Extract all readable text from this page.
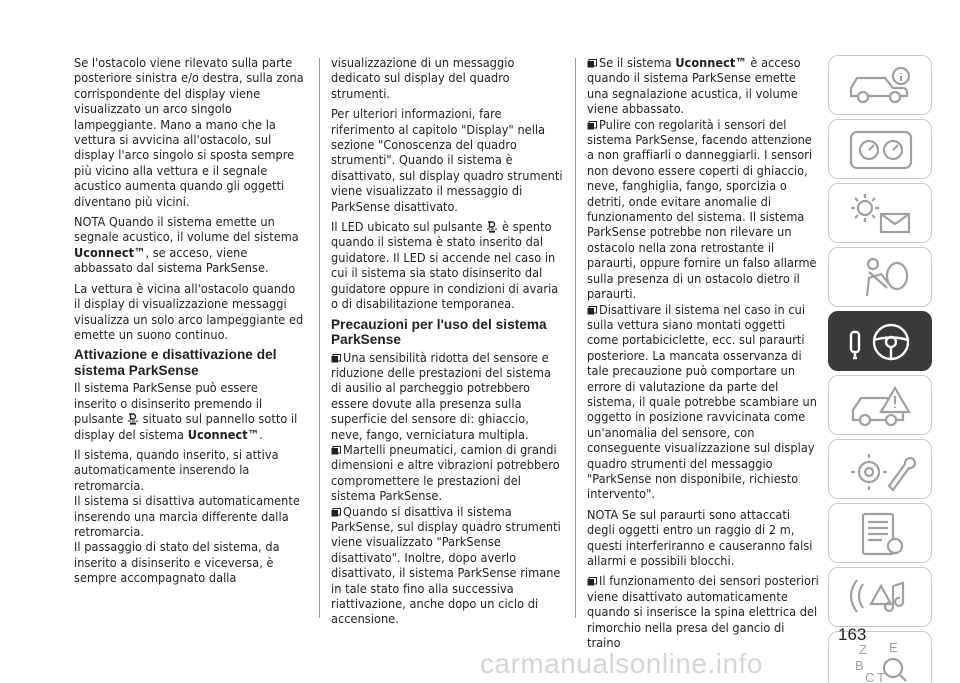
Se l'ostacolo viene rilevato sulla parte posteriore sinistra e/o destra, sulla zona corrispondente del display viene visualizzato un arco singolo lampeggiante. Mano a mano che la vettura si avvicina all'ostacolo, sul display l'arco singolo si sposta sempre più vicino alla vettura e il segnale acustico aumenta quando gli oggetti diventano più vicini.

NOTA Quando il sistema emette un segnale acustico, il volume del sistema Uconnect™, se acceso, viene abbassato dal sistema ParkSense.

La vettura è vicina all'ostacolo quando il display di visualizzazione messaggi visualizza un solo arco lampeggiante ed emette un suono continuo.

Attivazione e disattivazione del sistema ParkSense

Il sistema ParkSense può essere inserito o disinserito premendo il pulsante  situato sul pannello sotto il display del sistema Uconnect™.

Il sistema, quando inserito, si attiva automaticamente inserendo la retromarcia.

Il sistema si disattiva automaticamente inserendo una marcia differente dalla retromarcia.

Il passaggio di stato del sistema, da inserito a disinserito e viceversa, è sempre accompagnato dalla

visualizzazione di un messaggio dedicato sul display del quadro strumenti.

Per ulteriori informazioni, fare riferimento al capitolo "Display" nella sezione "Conoscenza del quadro strumenti". Quando il sistema è disattivato, sul display quadro strumenti viene visualizzato il messaggio di ParkSense disattivato.

Il LED ubicato sul pulsante  è spento quando il sistema è stato inserito dal guidatore. Il LED si accende nel caso in cui il sistema sia stato disinserito dal guidatore oppure in condizioni di avaria o di disabilitazione temporanea.

Precauzioni per l'uso del sistema ParkSense

Una sensibilità ridotta del sensore e riduzione delle prestazioni del sistema di ausilio al parcheggio potrebbero essere dovute alla presenza sulla superficie del sensore di: ghiaccio, neve, fango, verniciatura multipla.

Martelli pneumatici, camion di grandi dimensioni e altre vibrazioni potrebbero compromettere le prestazioni del sistema ParkSense.

Quando si disattiva il sistema ParkSense, sul display quadro strumenti viene visualizzato "ParkSense disattivato". Inoltre, dopo averlo disattivato, il sistema ParkSense rimane in tale stato fino alla successiva riattivazione, anche dopo un ciclo di accensione.

Se il sistema Uconnect™ è acceso quando il sistema ParkSense emette una segnalazione acustica, il volume viene abbassato.

Pulire con regolarità i sensori del sistema ParkSense, facendo attenzione a non graffiarli o danneggiarli. I sensori non devono essere coperti di ghiaccio, neve, fanghiglia, fango, sporcizia o detriti, onde evitare anomalie di funzionamento del sistema. Il sistema ParkSense potrebbe non rilevare un ostacolo nella zona retrostante il paraurti, oppure fornire un falso allarme sulla presenza di un ostacolo dietro il paraurti.

Disattivare il sistema nel caso in cui sulla vettura siano montati oggetti come portabiciclette, ecc. sul paraurti posteriore. La mancata osservanza di tale precauzione può comportare un errore di valutazione da parte del sistema, il quale potrebbe scambiare un oggetto in posizione ravvicinata come un'anomalia del sensore, con conseguente visualizzazione sul display quadro strumenti del messaggio "ParkSense non disponibile, richiesto intervento".

NOTA Se sul paraurti sono attaccati degli oggetti entro un raggio di 2 m, questi interferiranno e causeranno falsi allarmi e possibili blocchi.

Il funzionamento dei sensori posteriori viene disattivato automaticamente quando si inserisce la spina elettrica del rimorchio nella presa del gancio di traino	Z E
B
C T
163
carmanualsonline.info
